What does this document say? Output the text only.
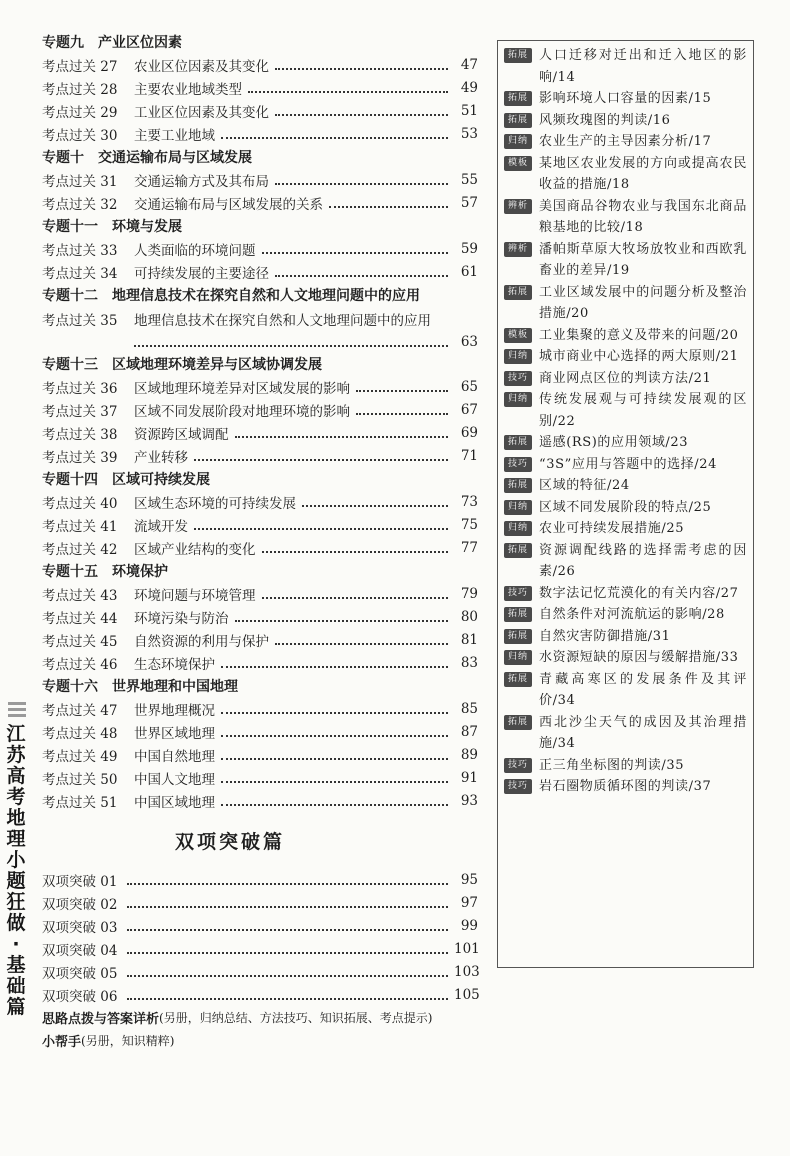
江苏高考地理 小题狂做·基础篇
专题九　产业区位因素
考点过关 27	农业区位因素及其变化	47
考点过关 28	主要农业地域类型	49
考点过关 29	工业区位因素及其变化	51
考点过关 30	主要工业地域	53
专题十　交通运输布局与区域发展
考点过关 31	交通运输方式及其布局	55
考点过关 32	交通运输布局与区域发展的关系	57
专题十一　环境与发展
考点过关 33	人类面临的环境问题	59
考点过关 34	可持续发展的主要途径	61
专题十二　地理信息技术在探究自然和人文地理问题中的应用
考点过关 35	地理信息技术在探究自然和人文地理问题中的应用
63
专题十三　区域地理环境差异与区域协调发展
考点过关 36	区域地理环境差异对区域发展的影响	65
考点过关 37	区域不同发展阶段对地理环境的影响	67
考点过关 38	资源跨区域调配	69
考点过关 39	产业转移	71
专题十四　区域可持续发展
考点过关 40	区域生态环境的可持续发展	73
考点过关 41	流域开发	75
考点过关 42	区域产业结构的变化	77
专题十五　环境保护
考点过关 43	环境问题与环境管理	79
考点过关 44	环境污染与防治	80
考点过关 45	自然资源的利用与保护	81
考点过关 46	生态环境保护	83
专题十六　世界地理和中国地理
考点过关 47	世界地理概况	85
考点过关 48	世界区域地理	87
考点过关 49	中国自然地理	89
考点过关 50	中国人文地理	91
考点过关 51	中国区域地理	93
双项突破篇
双项突破 01	95
双项突破 02	97
双项突破 03	99
双项突破 04	101
双项突破 05	103
双项突破 06	105
思路点拨与答案详析 (另册，归纳总结、方法技巧、知识拓展、考点提示)
小帮手 (另册，知识精粹)
拓展 人口迁移对迁出和迁入地区的影响/14
拓展 影响环境人口容量的因素/15
拓展 风频玫瑰图的判读/16
归纳 农业生产的主导因素分析/17
模板 某地区农业发展的方向或提高农民收益的措施/18
辨析 美国商品谷物农业与我国东北商品粮基地的比较/18
辨析 潘帕斯草原大牧场放牧业和西欧乳畜业的差异/19
拓展 工业区域发展中的问题分析及整治措施/20
模板 工业集聚的意义及带来的问题/20
归纳 城市商业中心选择的两大原则/21
技巧 商业网点区位的判读方法/21
归纳 传统发展观与可持续发展观的区别/22
拓展 遥感(RS)的应用领域/23
技巧 “3S”应用与答题中的选择/24
拓展 区域的特征/24
归纳 区域不同发展阶段的特点/25
归纳 农业可持续发展措施/25
拓展 资源调配线路的选择需考虑的因素/26
技巧 数字法记忆荒漠化的有关内容/27
拓展 自然条件对河流航运的影响/28
拓展 自然灾害防御措施/31
归纳 水资源短缺的原因与缓解措施/33
拓展 青藏高寒区的发展条件及其评价/34
拓展 西北沙尘天气的成因及其治理措施/34
技巧 正三角坐标图的判读/35
技巧 岩石圈物质循环图的判读/37
